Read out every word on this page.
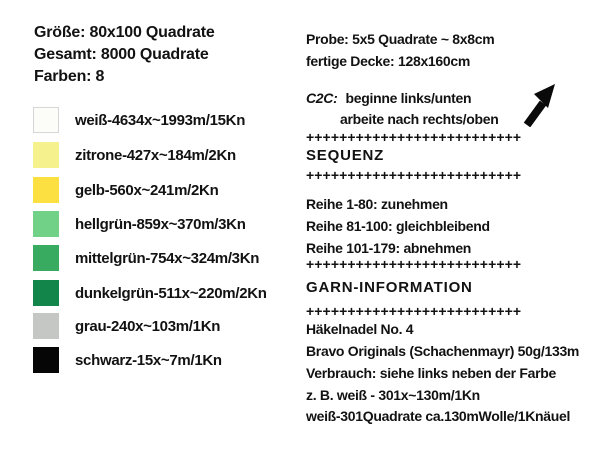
Größe: 80x100 Quadrate
Gesamt: 8000 Quadrate
Farben: 8
weiß-4634x~1993m/15Kn
zitrone-427x~184m/2Kn
gelb-560x~241m/2Kn
hellgrün-859x~370m/3Kn
mittelgrün-754x~324m/3Kn
dunkelgrün-511x~220m/2Kn
grau-240x~103m/1Kn
schwarz-15x~7m/1Kn
Probe: 5x5 Quadrate ~ 8x8cm
fertige Decke: 128x160cm
C2C: beginne links/unten
arbeite nach rechts/oben
++++++++++++++++++++++++++
SEQUENZ
++++++++++++++++++++++++++
Reihe 1-80: zunehmen
Reihe 81-100: gleichbleibend
Reihe 101-179: abnehmen
++++++++++++++++++++++++++
GARN-INFORMATION
++++++++++++++++++++++++++
Häkelnadel No. 4
Bravo Originals (Schachenmayr) 50g/133m
Verbrauch: siehe links neben der Farbe
z. B. weiß - 301x~130m/1Kn
weiß-301Quadrate ca.130mWolle/1Knäuel
